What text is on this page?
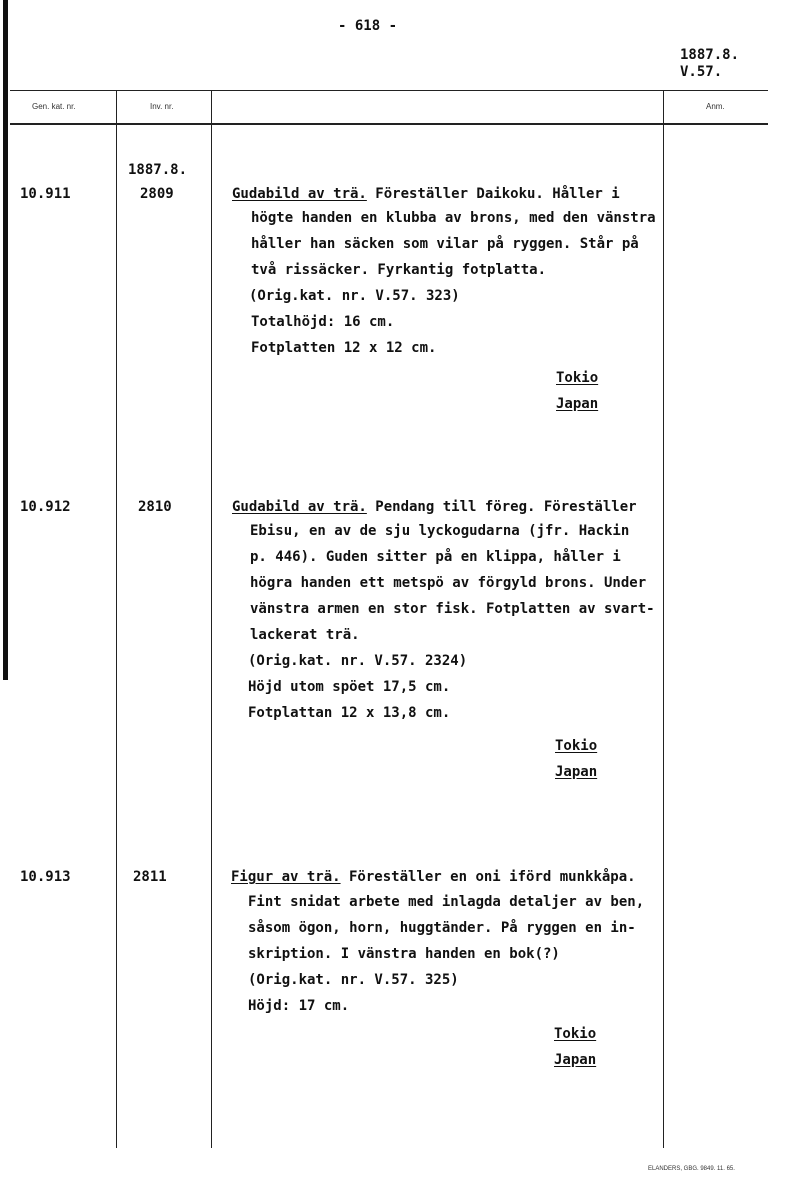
- 618 -
1887.8.
V.57.
Gen. kat. nr.	Inv. nr.	Anm.
1887.8.
10.911	2809	Gudabild av trä. Föreställer Daikoku. Håller i
högte handen en klubba av brons, med den vänstra
håller han säcken som vilar på ryggen. Står på
två rissäcker. Fyrkantig fotplatta.
(Orig.kat. nr. V.57. 323)
Totalhöjd: 16 cm.
Fotplatten 12 x 12 cm.
Tokio
Japan
10.912	2810	Gudabild av trä. Pendang till föreg. Föreställer
Ebisu, en av de sju lyckogudarna (jfr. Hackin
p. 446). Guden sitter på en klippa, håller i
högra handen ett metspö av förgyld brons. Under
vänstra armen en stor fisk. Fotplatten av svart-
lackerat trä.
(Orig.kat. nr. V.57. 2324)
Höjd utom spöet 17,5 cm.
Fotplattan 12 x 13,8 cm.
Tokio
Japan
10.913	2811	Figur av trä. Föreställer en oni iförd munkkåpa.
Fint snidat arbete med inlagda detaljer av ben,
såsom ögon, horn, huggtänder. På ryggen en in-
skription. I vänstra handen en bok(?)
(Orig.kat. nr. V.57. 325)
Höjd: 17 cm.
Tokio
Japan
ELANDERS, GBG. 9849. 11. 65.
